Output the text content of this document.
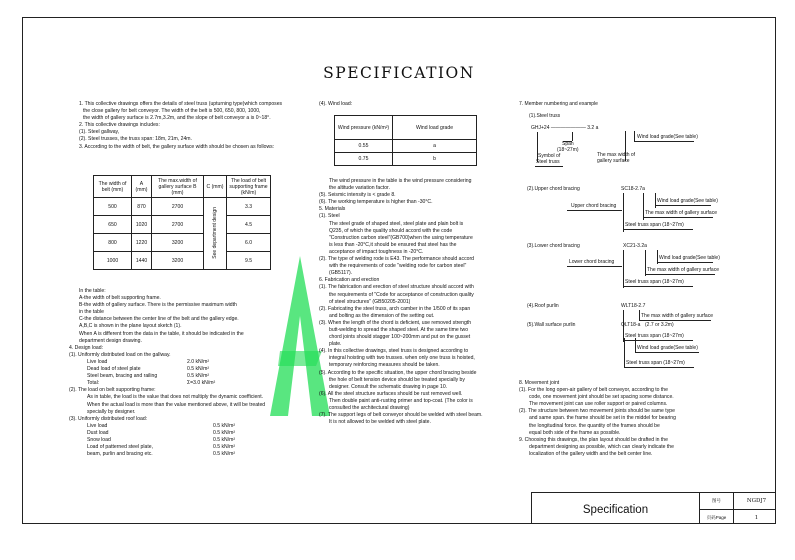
SPECIFICATION

1. This collective drawings offers the details of steel truss (upturning type)which composes

the close gallery for belt conveyor. The width of the belt is 500, 650, 800, 1000,

the width of gallery surface is 2.7m,3.2m, and the slope of belt conveyor a is 0~18°.

2. This collective drawings includes:

(1). Steel gallway,

(2). Steel trusses, the truss span: 18m, 21m, 24m.

3. According to the width of belt, the gallery surface width should be chosen as follows:

The width of belt (mm)	A (mm)	The max.width of gallery surface B (mm)	C (mm)	The load of belt supporting frame (kN/m)
500	870	2700	See department design	3.3
650	1020	2700		4.5
800	1220	3200		6.0
1000	1440	3200		9.5

In the table:

A-the width of belt supporting frame.

B-the width of gallery surface. There is the permissive maximum width

in the table

C-the distance between the center line of the belt and the gallery edge.

A,B,C is shown in the plane layout sketch (1).

When A is different from the data in the table, it should be indicated in the

department design drawing.

4. Design load:

(1). Uniformly distributed load on the gallway.

Live load	2.0 kN/m²

Dead load of steel plate	0.5 kN/m²

Steel beam, bracing and railing	0.5 kN/m²

Total:	Σ=3.0 kN/m²

(2). The load on belt supporting frame:

As in table, the load is the value that does not multiply the dynamic coefficient.

When the actual load is more than the value mentioned above, it will be treated

specially by designer.

(3). Uniformly distributed roof load:

Live load	0.5 kN/m²

Dust load	0.5 kN/m²

Snow load	0.5 kN/m²

Load of patterned steel plate,	0.5 kN/m²

beam, purlin and bracing etc.	0.5 kN/m²

(4). Wind load:

Wind pressure (kN/m²)	Wind load grade
0.55	a
0.75	b

The wind pressure in the table is the wind pressure considering

the altitude variation factor.

(5). Seismic intensity is < grade 8.

(6). The working temperature is higher than -30°C.

5. Materials

(1). Steel

The steel grade of shaped steel, steel plate and plain bolt is

Q235, of which the quality should accord with the code

"Construction carbon steel"(GB700)when the using temperature

is less than -20°C,it should be ensured that steel has the

acceptance of impact toughness in -20°C.

(2). The type of welding rode is E43. The performance should accord

with the requirements of code "welding rode for carbon steel"

(GB5117).

6. Fabrication and erection

(1). The fabrication and erection of steel structure should accord with

the requirements of "Code for acceptance of construction quality

of steel structures" (GB50205-2001)

(2). Fabricating the steel truss, arch camber in the 1/500 of its span

and bolting as the dimension of the setting out.

(3). When the length of the chord is deficient, use removed strength

butt-welding to spread the shaped steel. At the same time two

chord joints should stagger 100~200mm and put on the gusset

plate.

(4). In this collective drawings, steel truss is designed according to

integral hoisting with two trusses. when only one truss is hoisted,

temporary reinforcing measures should be taken.

(5). According to the specific situation, the upper chord bracing beside

the hole of belt tension device should be treated specially by

designer. Consult the schematic drawing in page 10.

(6). All the steel structure surfaces should be rust removed well.

Then double paint anti-rusting primer and top-coat. (The color is

consulted the architectural drawing)

(7). The support legs of belt conveyor should be welded with steel beam.

It is not allowed to be welded with steel plate.

7. Member numbering and example
(1).Steel truss
GHJ+24 ——————— 3.2 a
Span
(18~27m)
Symbol of
Steel truss
Wind load grade(See table)
The max width of
gallery surface
(2).Upper chord bracing	SC18-2.7a
Upper chord bracing
Wind load grade(See table)
The max width of gallery surface
Steel truss span (18~27m)
(3).Lower chord bracing	XC21-3.2a
Lower chord bracing
Wind load grade(See table)
The max width of gallery surface
Steel truss span (18~27m)
(4).Roof purlin	WLT18-2.7
The max width of gallery surface
(2.7 or 3.2m)
Steel truss span (18~27m)
(5).Wall surface purlin	QLT18-a
Wind load grade(See table)
Steel truss span (18~27m)

8. Movement joint

(1). For the long open-air gallery of belt conveyor, according to the

code, one movement joint should be set spacing some distance.

The movement joint can use roller support or paired columns.

(2). The structure between two movement joints should be same type

and same span. the frame should be set in the middel for bearing

the longitudinal force. the quantity of the frames should be

equal both side of the frame as possible.

9. Choosing this drawings, the plan layout should be drafted in the

department designing as possible, which can clearly indicate the

localization of the gallery width and the belt center line.

Specification
图号	NGDJ7
页码Page	1
